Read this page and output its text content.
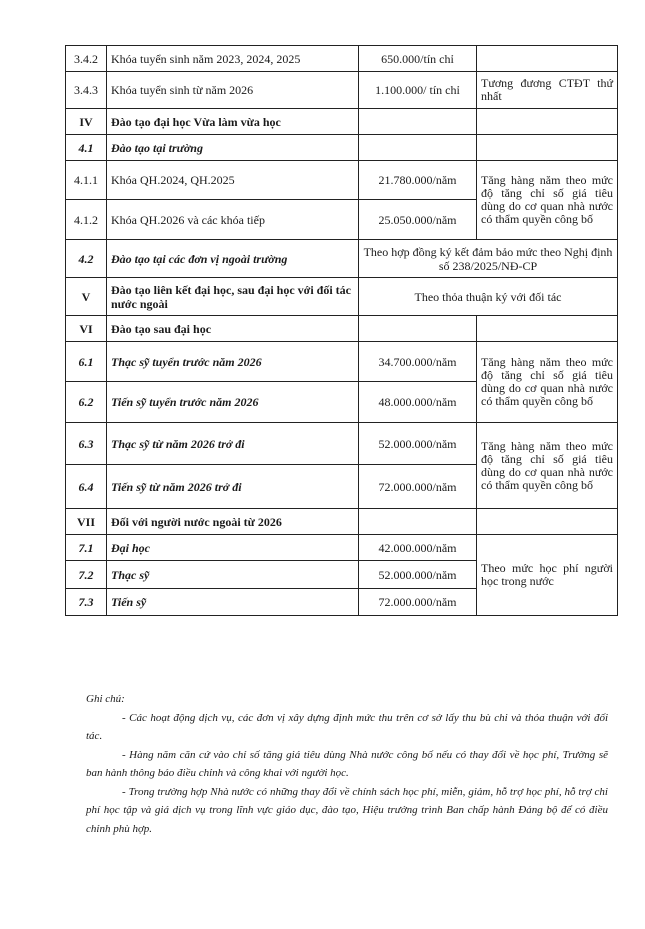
3.4.2	Khóa tuyển sinh năm 2023, 2024, 2025	650.000/tín chỉ	
3.4.3	Khóa tuyển sinh từ năm 2026	1.100.000/ tín chỉ	Tương đương CTĐT thứ nhất
IV	Đào tạo đại học Vừa làm vừa học		
4.1	Đào tạo tại trường		
4.1.1	Khóa QH.2024, QH.2025	21.780.000/năm	Tăng hàng năm theo mức độ tăng chỉ số giá tiêu dùng do cơ quan nhà nước có thẩm quyền công bố
4.1.2	Khóa QH.2026 và các khóa tiếp	25.050.000/năm	
4.2	Đào tạo tại các đơn vị ngoài trường	Theo hợp đồng ký kết đảm bảo mức theo Nghị định số 238/2025/NĐ-CP	
V	Đào tạo liên kết đại học, sau đại học với đối tác nước ngoài	Theo thỏa thuận ký với đối tác	
VI	Đào tạo sau đại học		
6.1	Thạc sỹ tuyển trước năm 2026	34.700.000/năm	Tăng hàng năm theo mức độ tăng chỉ số giá tiêu dùng do cơ quan nhà nước có thẩm quyền công bố
6.2	Tiến sỹ tuyển trước năm 2026	48.000.000/năm	
6.3	Thạc sỹ từ năm 2026 trở đi	52.000.000/năm	Tăng hàng năm theo mức độ tăng chỉ số giá tiêu dùng do cơ quan nhà nước có thẩm quyền công bố
6.4	Tiến sỹ từ năm 2026 trở đi	72.000.000/năm	
VII	Đối với người nước ngoài từ 2026		
7.1	Đại học	42.000.000/năm	Theo mức học phí người học trong nước
7.2	Thạc sỹ	52.000.000/năm	
7.3	Tiến sỹ	72.000.000/năm	

Ghi chú:

- Các hoạt động dịch vụ, các đơn vị xây dựng định mức thu trên cơ sở lấy thu bù chi và thỏa thuận với đối tác.

- Hàng năm căn cứ vào chỉ số tăng giá tiêu dùng Nhà nước công bố nếu có thay đổi về học phí, Trường sẽ ban hành thông báo điều chỉnh và công khai với người học.

- Trong trường hợp Nhà nước có những thay đổi về chính sách học phí, miễn, giảm, hỗ trợ học phí, hỗ trợ chi phí học tập và giá dịch vụ trong lĩnh vực giáo dục, đào tạo, Hiệu trưởng trình Ban chấp hành Đảng bộ để có điều chỉnh phù hợp.
